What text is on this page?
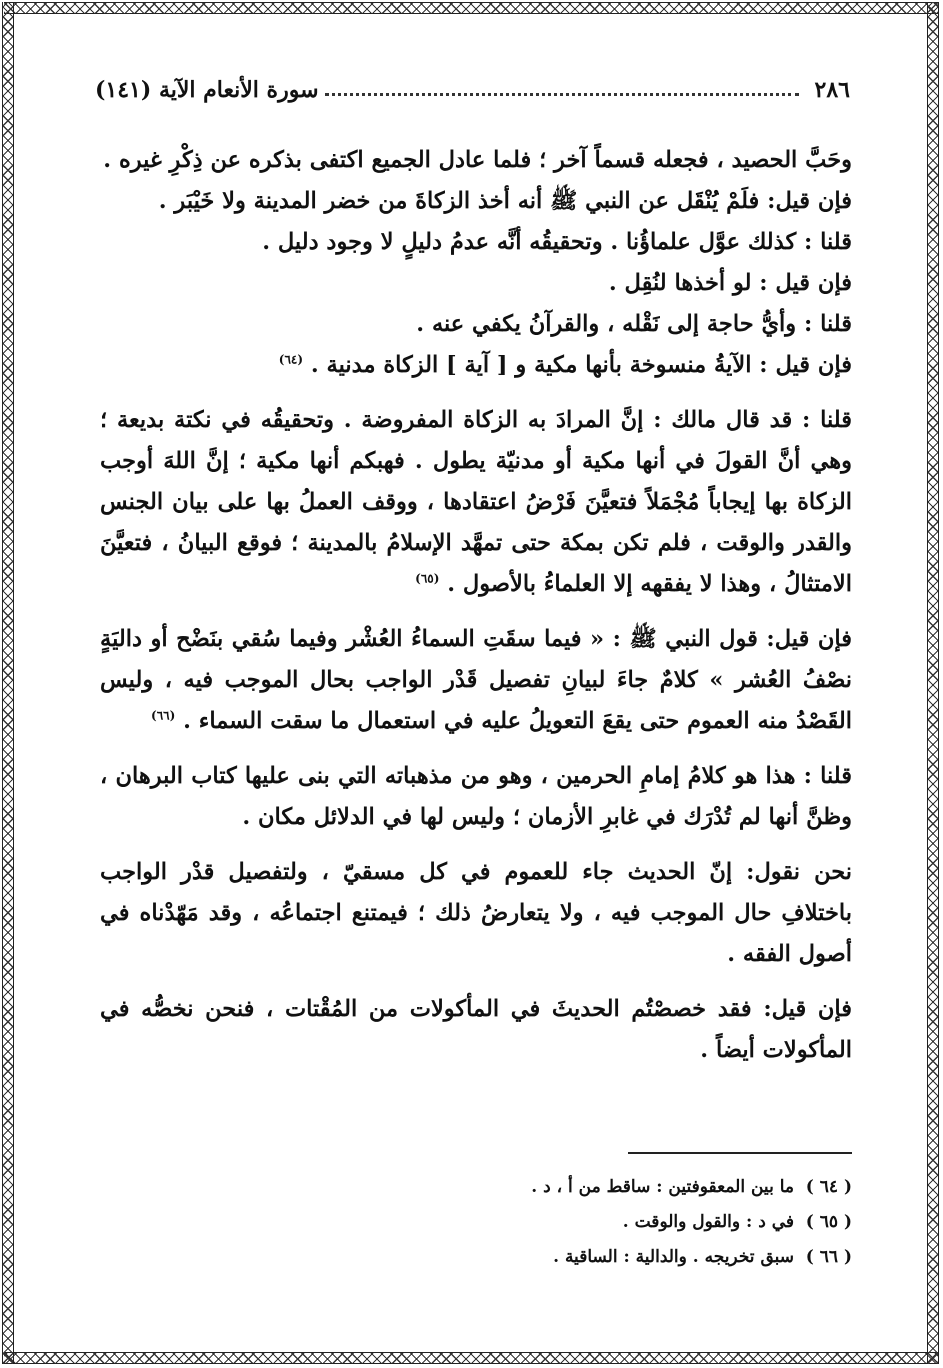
٢٨٦
سورة الأنعام الآية (١٤١)

وحَبَّ الحصيد ، فجعله قسماً آخر ؛ فلما عادل الجميع اكتفى بذكره عن ذِكْرِ غيره .

فإن قيل: فلَمْ يُنْقَل عن النبي ﷺ أنه أخذ الزكاةَ من خضر المدينة ولا خَيْبَر .

قلنا : كذلك عوَّل علماؤُنا . وتحقيقُه أنَّه عدمُ دليلٍ لا وجود دليل .

فإن قيل : لو أخذها لنُقِل .

قلنا : وأيُّ حاجة إلى نَقْله ، والقرآنُ يكفي عنه .

فإن قيل : الآيةُ منسوخة بأنها مكية و [ آية ] الزكاة مدنية . $^{(٦٤)}$

قلنا : قد قال مالك : إنَّ المرادَ به الزكاة المفروضة . وتحقيقُه في نكتة بديعة ؛ وهي أنَّ القولَ في أنها مكية أو مدنيّة يطول . فهبكم أنها مكية ؛ إنَّ اللهَ أوجب الزكاة بها إيجاباً مُجْمَلاً فتعيَّنَ فَرْضُ اعتقادها ، ووقف العملُ بها على بيان الجنس والقدر والوقت ، فلم تكن بمكة حتى تمهَّد الإسلامُ بالمدينة ؛ فوقع البيانُ ، فتعيَّنَ الامتثالُ ، وهذا لا يفقهه إلا العلماءُ بالأصول . $^{(٦٥)}$

فإن قيل: قول النبي ﷺ : « فيما سقَتِ السماءُ العُشْر وفيما سُقي بنَضْح أو داليَةٍ نصْفُ العُشر » كلامٌ جاءَ لبيانِ تفصيل قَدْر الواجب بحال الموجب فيه ، وليس القَصْدُ منه العموم حتى يقعَ التعويلُ عليه في استعمال ما سقت السماء . $^{(٦٦)}$

قلنا : هذا هو كلامُ إمامِ الحرمين ، وهو من مذهباته التي بنى عليها كتاب البرهان ، وظنَّ أنها لم تُدْرَك في غابرِ الأزمان ؛ وليس لها في الدلائل مكان .

نحن نقول: إنّ الحديث جاء للعموم في كل مسقيّ ، ولتفصيل قدْر الواجب باختلافِ حال الموجب فيه ، ولا يتعارضُ ذلك ؛ فيمتنع اجتماعُه ، وقد مَهّدْناه في أصول الفقه .

فإن قيل: فقد خصصْتُم الحديثَ في المأكولات من المُقْتات ، فنحن نخصُّه في المأكولات أيضاً .

( ٦٤ )
ما بين المعقوفتين : ساقط من أ ، د .
( ٦٥ )
في د : والقول والوقت .
( ٦٦ )
سبق تخريجه . والدالية : الساقية .
